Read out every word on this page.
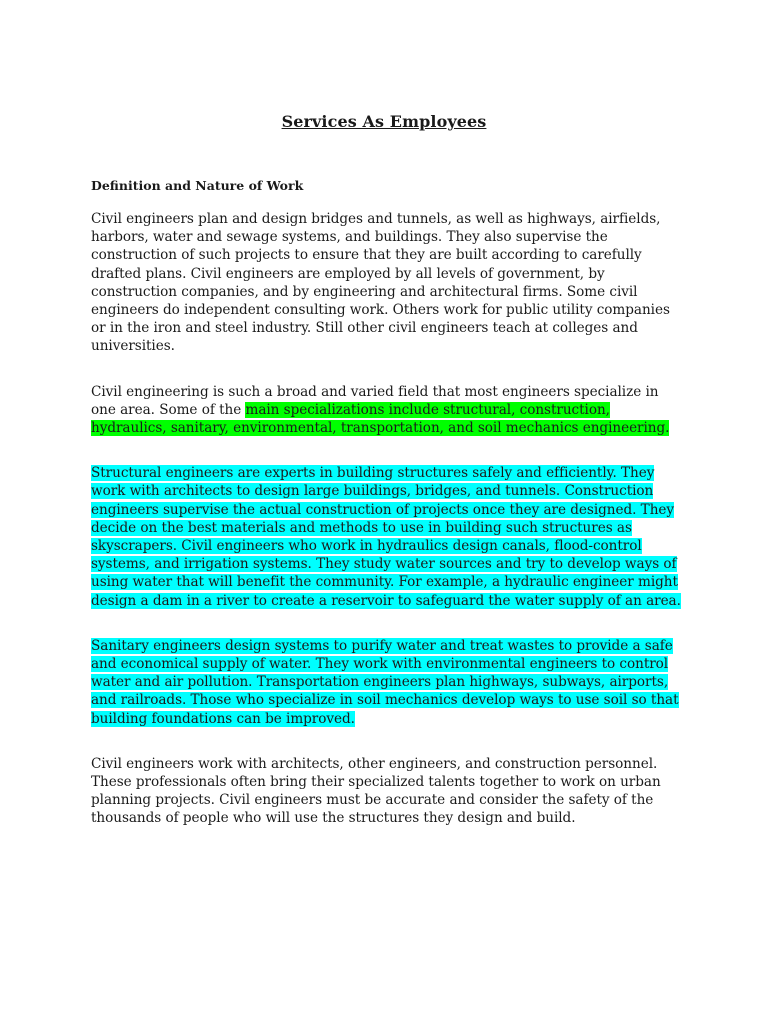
Services As Employees
Definition and Nature of Work

Civil engineers plan and design bridges and tunnels, as well as highways, airfields, harbors, water and sewage systems, and buildings. They also supervise the construction of such projects to ensure that they are built according to carefully drafted plans. Civil engineers are employed by all levels of government, by construction companies, and by engineering and architectural firms. Some civil engineers do independent consulting work. Others work for public utility companies or in the iron and steel industry. Still other civil engineers teach at colleges and universities.

Civil engineering is such a broad and varied field that most engineers specialize in one area. Some of the main specializations include structural, construction, hydraulics, sanitary, environmental, transportation, and soil mechanics engineering.

Structural engineers are experts in building structures safely and efficiently. They work with architects to design large buildings, bridges, and tunnels. Construction engineers supervise the actual construction of projects once they are designed. They decide on the best materials and methods to use in building such structures as skyscrapers. Civil engineers who work in hydraulics design canals, flood-control systems, and irrigation systems. They study water sources and try to develop ways of using water that will benefit the community. For example, a hydraulic engineer might design a dam in a river to create a reservoir to safeguard the water supply of an area.

Sanitary engineers design systems to purify water and treat wastes to provide a safe and economical supply of water. They work with environmental engineers to control water and air pollution. Transportation engineers plan highways, subways, airports, and railroads. Those who specialize in soil mechanics develop ways to use soil so that building foundations can be improved.

Civil engineers work with architects, other engineers, and construction personnel. These professionals often bring their specialized talents together to work on urban planning projects. Civil engineers must be accurate and consider the safety of the thousands of people who will use the structures they design and build.
